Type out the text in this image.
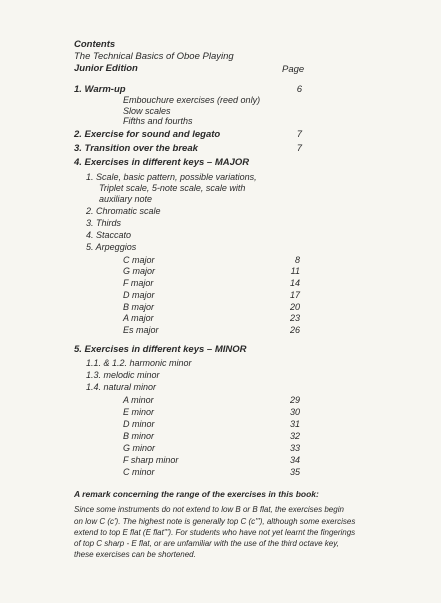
Contents
The Technical Basics of Oboe Playing
Junior Edition	Page
1. Warm-up	6
Embouchure exercises (reed only)
Slow scales
Fifths and fourths
2. Exercise for sound and legato	7
3. Transition over the break	7
4. Exercises in different keys – MAJOR
1. Scale, basic pattern, possible variations,
Triplet scale, 5-note scale, scale with
auxiliary note
2. Chromatic scale
3. Thirds
4. Staccato
5. Arpeggios
C major	8
G major	11
F major	14
D major	17
B major	20
A major	23
Es major	26
5. Exercises in different keys – MINOR
1.1. & 1.2. harmonic minor
1.3. melodic minor
1.4. natural minor
A minor	29
E minor	30
D minor	31
B minor	32
G minor	33
F sharp minor	34
C minor	35
A remark concerning the range of the exercises in this book:
Since some instruments do not extend to low B or B flat, the exercises begin
on low C (c'). The highest note is generally top C (c'''), although some exercises
extend to top E flat (E flat'''). For students who have not yet learnt the fingerings
of top C sharp - E flat, or are unfamiliar with the use of the third octave key,
these exercises can be shortened.
